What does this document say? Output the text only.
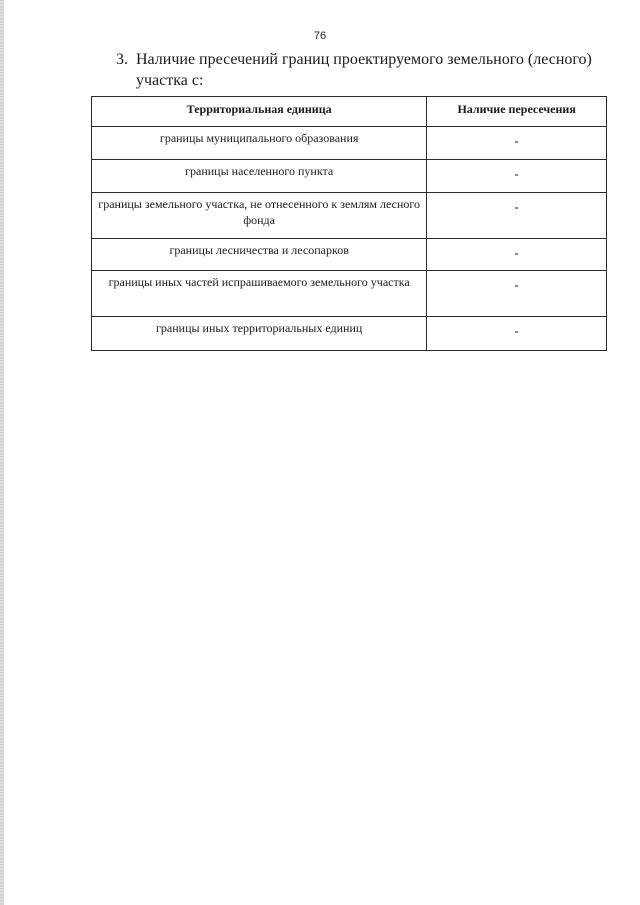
76
3. Наличие пресечений границ проектируемого земельного (лесного)
участка с:
Территориальная единица	Наличие пересечения
границы муниципального образования	-
границы населенного пункта	-
границы земельного участка, не отнесенного к землям лесного фонда	-
границы лесничества и лесопарков	-
границы иных частей испрашиваемого земельного участка	-
границы иных территориальных единиц	-
